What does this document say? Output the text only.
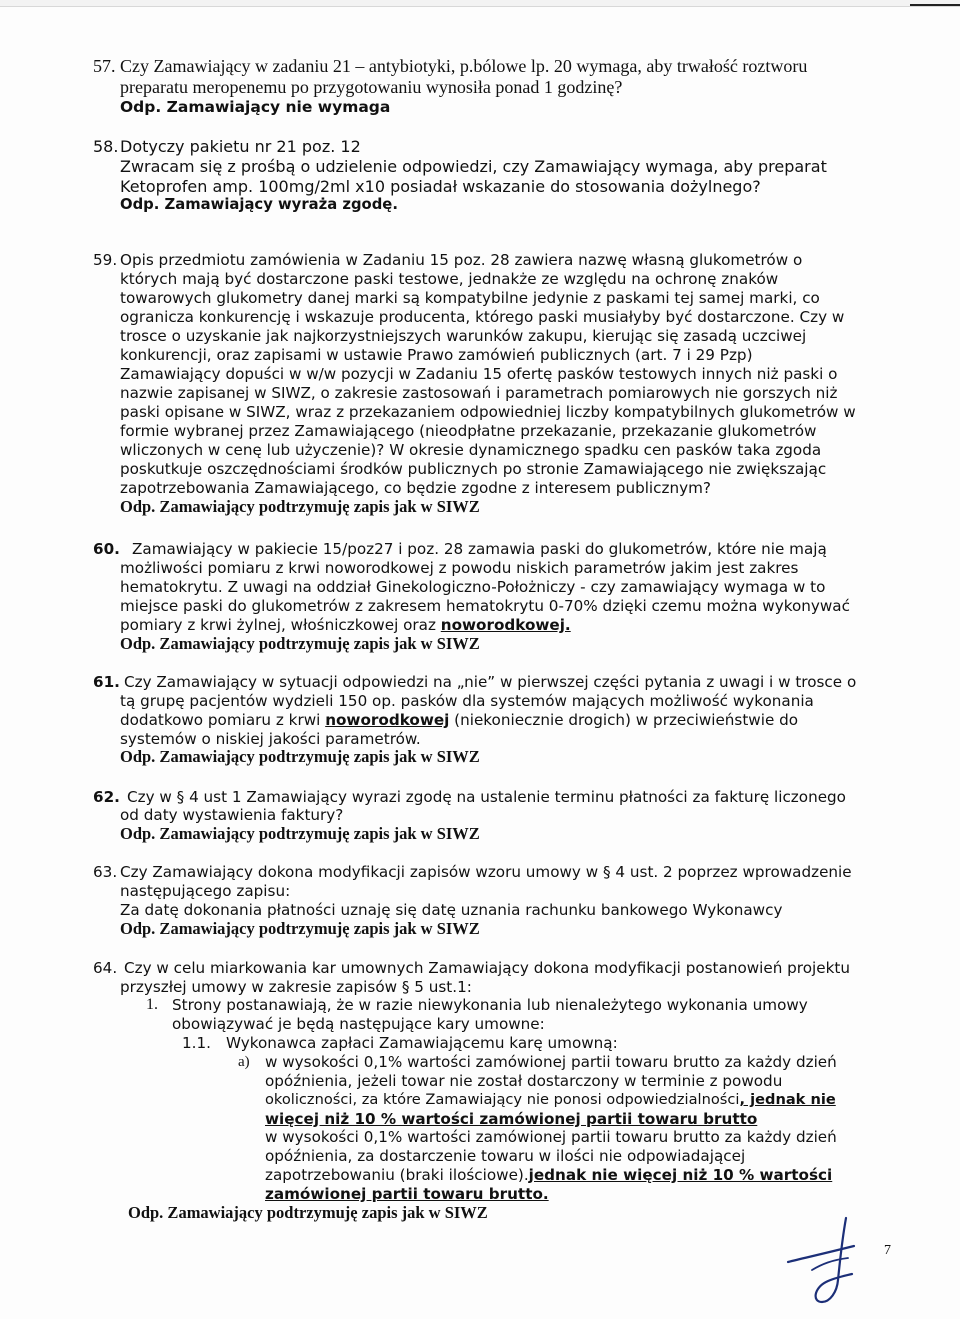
57. Czy Zamawiający w zadaniu 21 – antybiotyki, p.bólowe lp. 20 wymaga, aby trwałość roztworu
preparatu meropenemu po przygotowaniu wynosiła ponad 1 godzinę?
Odp. Zamawiający nie wymaga
58. Dotyczy pakietu nr 21 poz. 12
Zwracam się z prośbą o udzielenie odpowiedzi, czy Zamawiający wymaga, aby preparat
Ketoprofen amp. 100mg/2ml x10 posiadał wskazanie do stosowania dożylnego?
Odp. Zamawiający wyraża zgodę.
59. Opis przedmiotu zamówienia w Zadaniu 15 poz. 28 zawiera nazwę własną glukometrów o
których mają być dostarczone paski testowe, jednakże ze względu na ochronę znaków
towarowych glukometry danej marki są kompatybilne jedynie z paskami tej samej marki, co
ogranicza konkurencję i wskazuje producenta, którego paski musiałyby być dostarczone. Czy w
trosce o uzyskanie jak najkorzystniejszych warunków zakupu, kierując się zasadą uczciwej
konkurencji, oraz zapisami w ustawie Prawo zamówień publicznych (art. 7 i 29 Pzp)
Zamawiający dopuści w w/w pozycji w Zadaniu 15 ofertę pasków testowych innych niż paski o
nazwie zapisanej w SIWZ, o zakresie zastosowań i parametrach pomiarowych nie gorszych niż
paski opisane w SIWZ, wraz z przekazaniem odpowiedniej liczby kompatybilnych glukometrów w
formie wybranej przez Zamawiającego (nieodpłatne przekazanie, przekazanie glukometrów
wliczonych w cenę lub użyczenie)? W okresie dynamicznego spadku cen pasków taka zgoda
poskutkuje oszczędnościami środków publicznych po stronie Zamawiającego nie zwiększając
zapotrzebowania Zamawiającego, co będzie zgodne z interesem publicznym?
Odp. Zamawiający podtrzymuję zapis jak w SIWZ
60. Zamawiający w pakiecie 15/poz27 i poz. 28 zamawia paski do glukometrów, które nie mają
możliwości pomiaru z krwi noworodkowej z powodu niskich parametrów jakim jest zakres
hematokrytu. Z uwagi na oddział Ginekologiczno-Położniczy - czy zamawiający wymaga w to
miejsce paski do glukometrów z zakresem hematokrytu 0-70% dzięki czemu można wykonywać
pomiary z krwi żylnej, włośniczkowej oraz noworodkowej.
Odp. Zamawiający podtrzymuję zapis jak w SIWZ
61. Czy Zamawiający w sytuacji odpowiedzi na „nie” w pierwszej części pytania z uwagi i w trosce o
tą grupę pacjentów wydzieli 150 op. pasków dla systemów mających możliwość wykonania
dodatkowo pomiaru z krwi noworodkowej (niekoniecznie drogich) w przeciwieństwie do
systemów o niskiej jakości parametrów.
Odp. Zamawiający podtrzymuję zapis jak w SIWZ
62. Czy w § 4 ust 1 Zamawiający wyrazi zgodę na ustalenie terminu płatności za fakturę liczonego
od daty wystawienia faktury?
Odp. Zamawiający podtrzymuję zapis jak w SIWZ
63. Czy Zamawiający dokona modyfikacji zapisów wzoru umowy w § 4 ust. 2 poprzez wprowadzenie
następującego zapisu:
Za datę dokonania płatności uznaję się datę uznania rachunku bankowego Wykonawcy
Odp. Zamawiający podtrzymuję zapis jak w SIWZ
64. Czy w celu miarkowania kar umownych Zamawiający dokona modyfikacji postanowień projektu
przyszłej umowy w zakresie zapisów § 5 ust.1:
1. Strony postanawiają, że w razie niewykonania lub nienależytego wykonania umowy
obowiązywać je będą następujące kary umowne:
1.1. Wykonawca zapłaci Zamawiającemu karę umowną:
a) w wysokości 0,1% wartości zamówionej partii towaru brutto za każdy dzień
opóźnienia, jeżeli towar nie został dostarczony w terminie z powodu
okoliczności, za które Zamawiający nie ponosi odpowiedzialności, jednak nie
więcej niż 10 % wartości zamówionej partii towaru brutto
w wysokości 0,1% wartości zamówionej partii towaru brutto za każdy dzień
opóźnienia, za dostarczenie towaru w ilości nie odpowiadającej
zapotrzebowaniu (braki ilościowe).jednak nie więcej niż 10 % wartości
zamówionej partii towaru brutto.
Odp. Zamawiający podtrzymuję zapis jak w SIWZ
7
